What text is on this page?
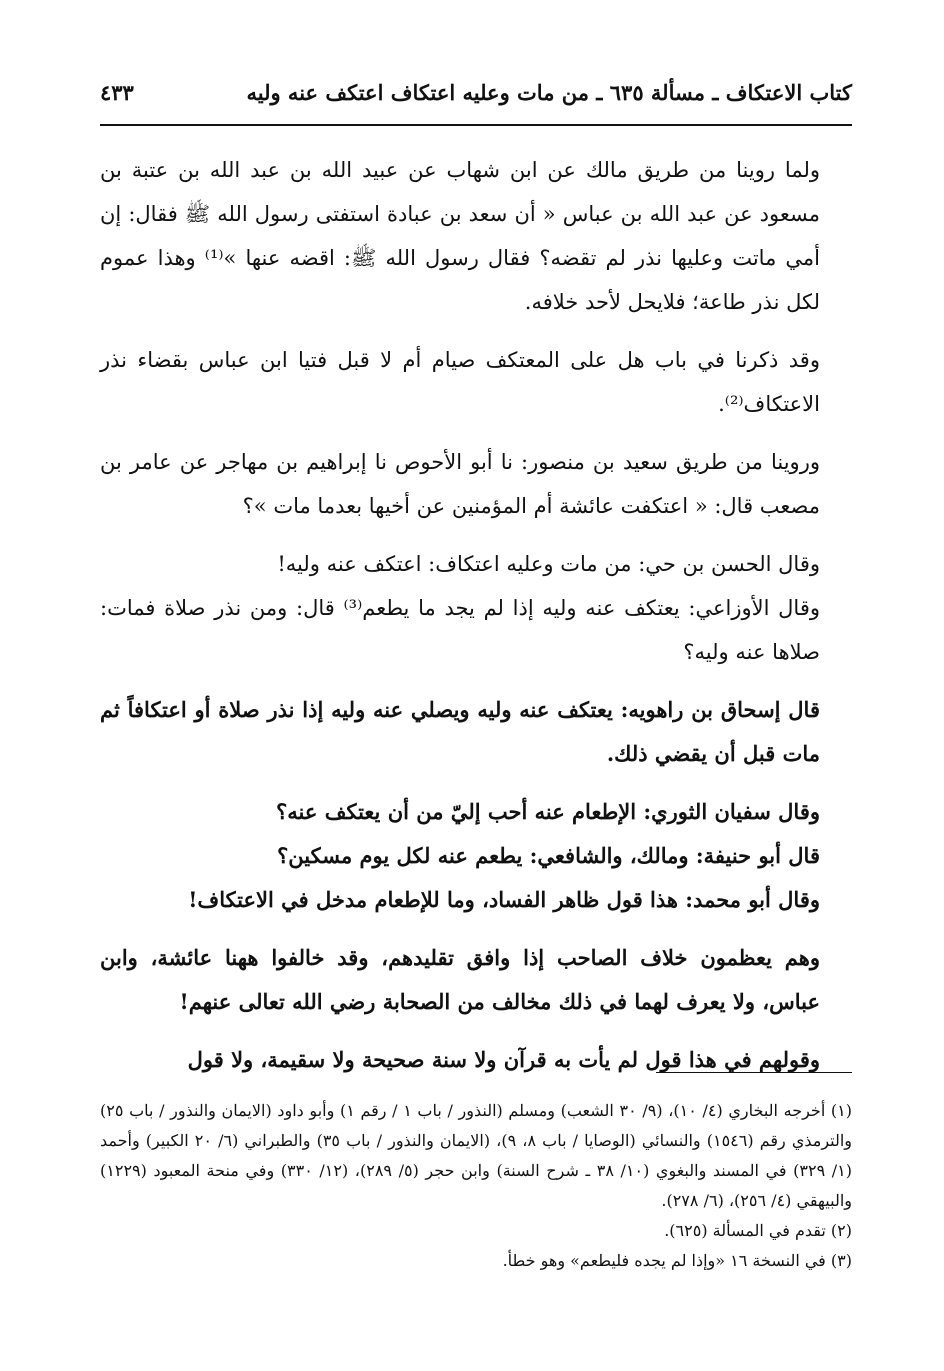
كتاب الاعتكاف ـ مسألة ٦٣٥ ـ من مات وعليه اعتكاف اعتكف عنه وليه
٤٣٣

ولما روينا من طريق مالك عن ابن شهاب عن عبيد الله بن عبد الله بن عتبة بن مسعود عن عبد الله بن عباس « أن سعد بن عبادة استفتى رسول الله ﷺ فقال: إن أمي ماتت وعليها نذر لم تقضه؟ فقال رسول الله ﷺ: اقضه عنها »⁽¹⁾ وهذا عموم لكل نذر طاعة؛ فلايحل لأحد خلافه.

وقد ذكرنا في باب هل على المعتكف صيام أم لا قبل فتيا ابن عباس بقضاء نذر الاعتكاف⁽²⁾.

وروينا من طريق سعيد بن منصور: نا أبو الأحوص نا إبراهيم بن مهاجر عن عامر بن مصعب قال: « اعتكفت عائشة أم المؤمنين عن أخيها بعدما مات »؟

وقال الحسن بن حي: من مات وعليه اعتكاف: اعتكف عنه وليه!

وقال الأوزاعي: يعتكف عنه وليه إذا لم يجد ما يطعم⁽³⁾ قال: ومن نذر صلاة فمات: صلاها عنه وليه؟

قال إسحاق بن راهويه: يعتكف عنه وليه ويصلي عنه وليه إذا نذر صلاة أو اعتكافاً ثم مات قبل أن يقضي ذلك.

وقال سفيان الثوري: الإطعام عنه أحب إليّ من أن يعتكف عنه؟

قال أبو حنيفة: ومالك، والشافعي: يطعم عنه لكل يوم مسكين؟

وقال أبو محمد: هذا قول ظاهر الفساد، وما للإطعام مدخل في الاعتكاف!

وهم يعظمون خلاف الصاحب إذا وافق تقليدهم، وقد خالفوا ههنا عائشة، وابن عباس، ولا يعرف لهما في ذلك مخالف من الصحابة رضي الله تعالى عنهم!

وقولهم في هذا قول لم يأت به قرآن ولا سنة صحيحة ولا سقيمة، ولا قول

(١) أخرجه البخاري (٤/ ١٠)، (٩/ ٣٠ الشعب) ومسلم (النذور / باب ١ / رقم ١) وأبو داود (الايمان والنذور / باب ٢٥) والترمذي رقم (١٥٤٦) والنسائي (الوصايا / باب ٨، ٩)، (الايمان والنذور / باب ٣٥) والطبراني (٦/ ٢٠ الكبير) وأحمد (١/ ٣٢٩) في المسند والبغوي (١٠/ ٣٨ ـ شرح السنة) وابن حجر (٥/ ٢٨٩)، (١٢/ ٣٣٠) وفي منحة المعبود (١٢٢٩) والبيهقي (٤/ ٢٥٦)، (٦/ ٢٧٨).

(٢) تقدم في المسألة (٦٢٥).

(٣) في النسخة ١٦ «وإذا لم يجده فليطعم» وهو خطأ.
